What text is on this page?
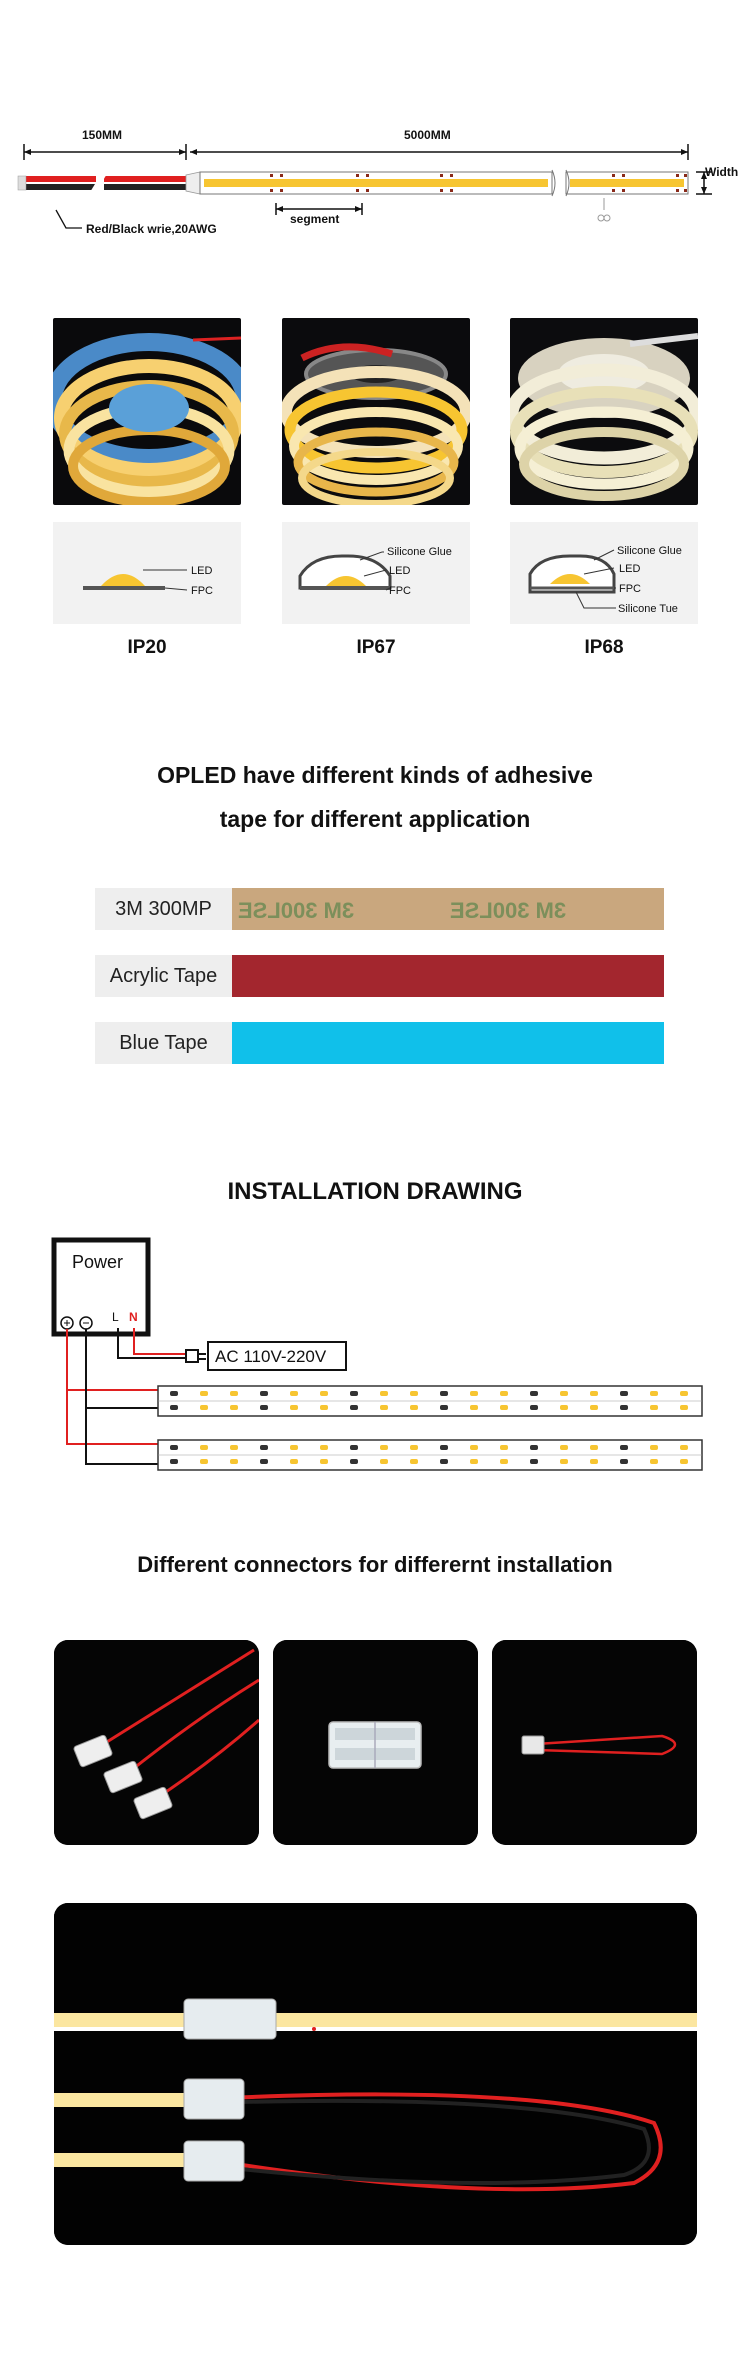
150MM	5000MM
Width
segment
Red/Black wrie,20AWG
LED
FPC
Silicone Glue
LED
FPC
Silicone Glue
LED
FPC
Silicone Tue
IP20	IP67	IP68
OPLED have different kinds of adhesive
tape for different application
3M 300MP	3M 300LSE	3M 300LSE
Acrylic Tape
Blue Tape
INSTALLATION DRAWING
Power
L N
AC 110V-220V
Different connectors for differernt installation
